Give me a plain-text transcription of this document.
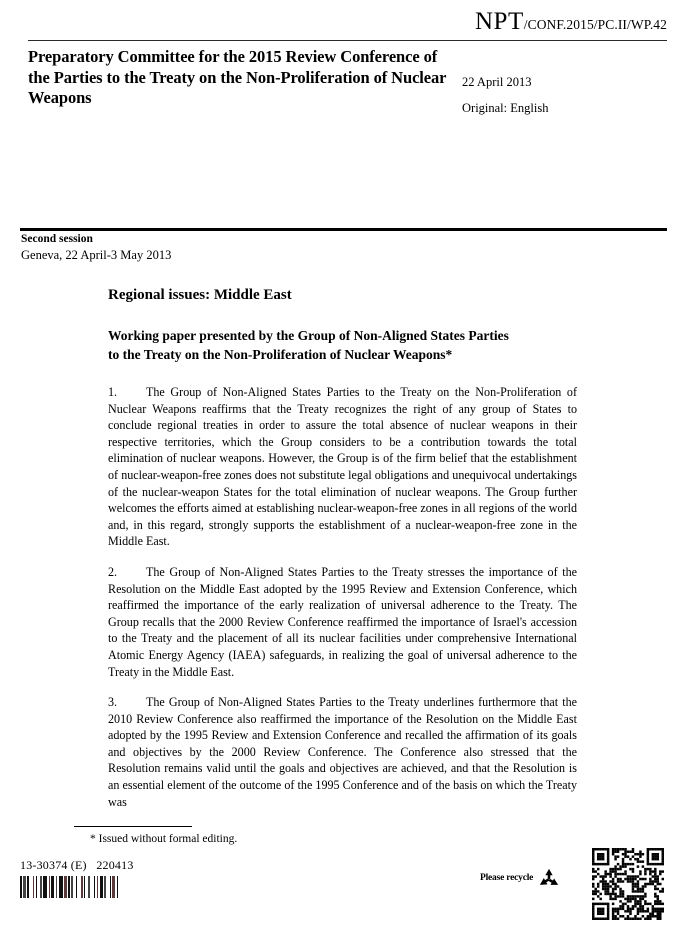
NPT/CONF.2015/PC.II/WP.42
Preparatory Committee for the 2015 Review Conference of the Parties to the Treaty on the Non-Proliferation of Nuclear Weapons
22 April 2013
Original: English
Second session
Geneva, 22 April-3 May 2013
Regional issues: Middle East
Working paper presented by the Group of Non-Aligned States Parties to the Treaty on the Non-Proliferation of Nuclear Weapons*

1. The Group of Non-Aligned States Parties to the Treaty on the Non-Proliferation of Nuclear Weapons reaffirms that the Treaty recognizes the right of any group of States to conclude regional treaties in order to assure the total absence of nuclear weapons in their respective territories, which the Group considers to be a contribution towards the total elimination of nuclear weapons. However, the Group is of the firm belief that the establishment of nuclear-weapon-free zones does not substitute legal obligations and unequivocal undertakings of the nuclear-weapon States for the total elimination of nuclear weapons. The Group further welcomes the efforts aimed at establishing nuclear-weapon-free zones in all regions of the world and, in this regard, strongly supports the establishment of a nuclear-weapon-free zone in the Middle East.

2. The Group of Non-Aligned States Parties to the Treaty stresses the importance of the Resolution on the Middle East adopted by the 1995 Review and Extension Conference, which reaffirmed the importance of the early realization of universal adherence to the Treaty. The Group recalls that the 2000 Review Conference reaffirmed the importance of Israel's accession to the Treaty and the placement of all its nuclear facilities under comprehensive International Atomic Energy Agency (IAEA) safeguards, in realizing the goal of universal adherence to the Treaty in the Middle East.

3. The Group of Non-Aligned States Parties to the Treaty underlines furthermore that the 2010 Review Conference also reaffirmed the importance of the Resolution on the Middle East adopted by the 1995 Review and Extension Conference and recalled the affirmation of its goals and objectives by the 2000 Review Conference. The Conference also stressed that the Resolution remains valid until the goals and objectives are achieved, and that the Resolution is an essential element of the outcome of the 1995 Conference and of the basis on which the Treaty was

* Issued without formal editing.
13-30374 (E)   220413
Please recycle
